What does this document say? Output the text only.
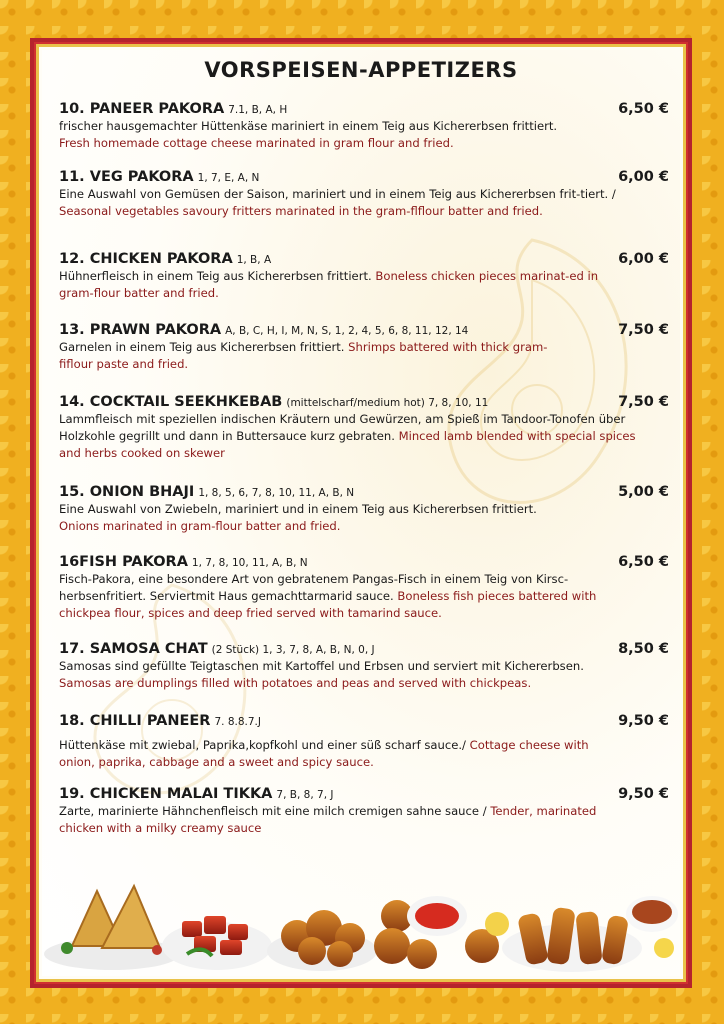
VORSPEISEN-APPETIZERS
10. PANEER PAKORA 7.1, B, A, H	6,50 €
frischer hausgemachter Hüttenkäse mariniert in einem Teig aus Kichererbsen frittiert.
Fresh homemade cottage cheese marinated in gram flour and fried.
11. VEG PAKORA 1, 7, E, A, N	6,00 €
Eine Auswahl von Gemüsen der Saison, mariniert und in einem Teig aus Kichererbsen frit-tiert. / Seasonal vegetables savoury fritters marinated in the gram-flflour batter and fried.
12. CHICKEN PAKORA 1, B, A	6,00 €
Hühnerfleisch in einem Teig aus Kichererbsen frittiert. Boneless chicken pieces marinat-ed in gram-flour batter and fried.
13. PRAWN PAKORA A, B, C, H, I, M, N, S, 1, 2, 4, 5, 6, 8, 11, 12, 14	7,50 €
Garnelen in einem Teig aus Kichererbsen frittiert. Shrimps battered with thick gram-fiflour paste and fried.
14. COCKTAIL SEEKHKEBAB (mittelscharf/medium hot) 7, 8, 10, 11	7,50 €
Lammfleisch mit speziellen indischen Kräutern und Gewürzen, am Spieß im Tandoor-Tonofen über Holzkohle gegrillt und dann in Buttersauce kurz gebraten. Minced lamb blended with special spices and herbs cooked on skewer
15. ONION BHAJI 1, 8, 5, 6, 7, 8, 10, 11, A, B, N	5,00 €
Eine Auswahl von Zwiebeln, mariniert und in einem Teig aus Kichererbsen frittiert.
Onions marinated in gram-flour batter and fried.
16FISH PAKORA 1, 7, 8, 10, 11, A, B, N	6,50 €
Fisch-Pakora, eine besondere Art von gebratenem Pangas-Fisch in einem Teig von Kirsc-herbsenfritiert. Serviertmit Haus gemachttarmarid sauce. Boneless fish pieces battered with chickpea flour, spices and deep fried served with tamarind sauce.
17. SAMOSA CHAT (2 Stück) 1, 3, 7, 8, A, B, N, 0, J	8,50 €
Samosas sind gefüllte Teigtaschen mit Kartoffel und Erbsen und serviert mit Kichererbsen.
Samosas are dumplings filled with potatoes and peas and served with chickpeas.
18. CHILLI PANEER 7. 8.8.7.J	9,50 €
Hüttenkäse mit zwiebal, Paprika,kopfkohl und einer süß scharf sauce./ Cottage cheese with onion, paprika, cabbage and a sweet and spicy sauce.
19. CHICKEN MALAI TIKKA 7, B, 8, 7, J	9,50 €
Zarte, marinierte Hähnchenfleisch mit eine milch cremigen sahne sauce / Tender, marinated chicken with a milky creamy sauce
